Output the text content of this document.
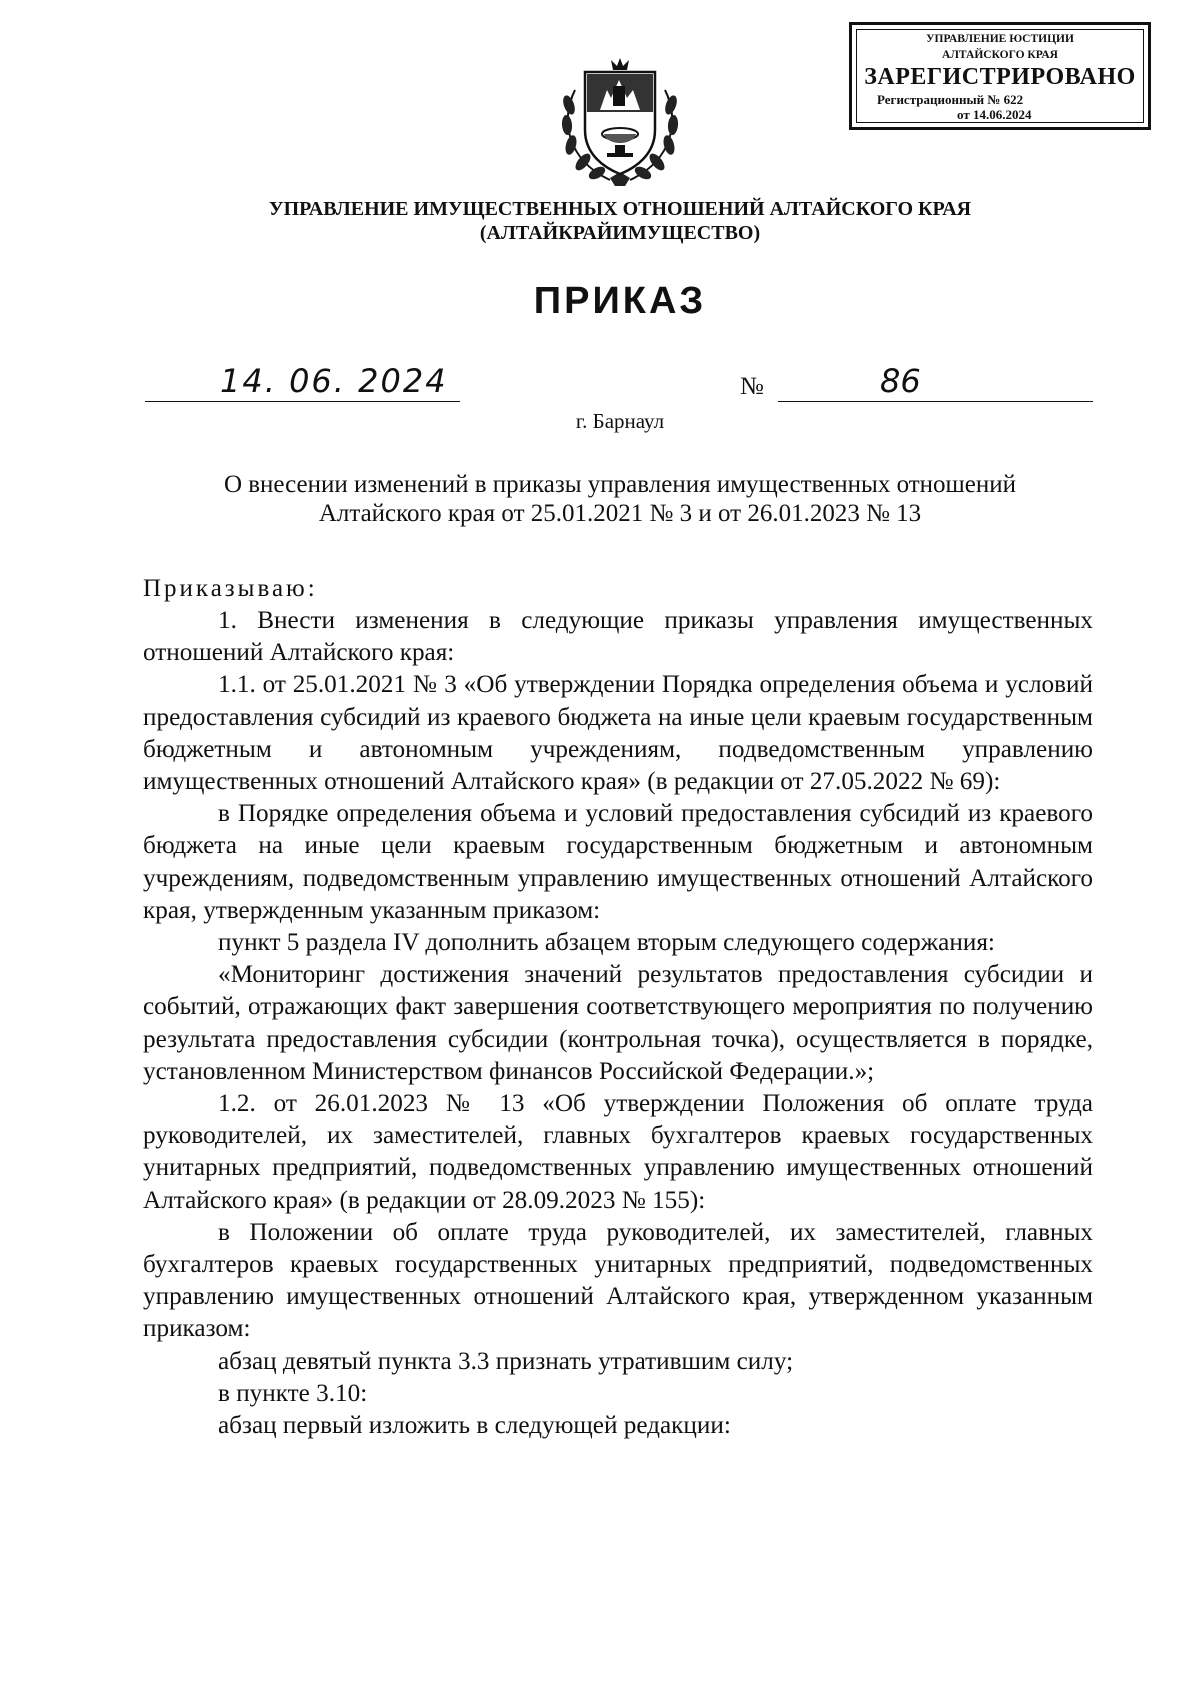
УПРАВЛЕНИЕ ЮСТИЦИИ
АЛТАЙСКОГО КРАЯ
ЗАРЕГИСТРИРОВАНО
Регистрационный № 622
от 14.06.2024
УПРАВЛЕНИЕ ИМУЩЕСТВЕННЫХ ОТНОШЕНИЙ АЛТАЙСКОГО КРАЯ
(АЛТАЙКРАЙИМУЩЕСТВО)
ПРИКАЗ
14. 06. 2024	№	86
г. Барнаул
О внесении изменений в приказы управления имущественных отношений
Алтайского края от 25.01.2021 № 3 и от 26.01.2023 № 13
Приказываю:

1. Внести изменения в следующие приказы управления имущественных отношений Алтайского края:

1.1. от 25.01.2021 № 3 «Об утверждении Порядка определения объема и условий предоставления субсидий из краевого бюджета на иные цели краевым государственным бюджетным и автономным учреждениям, подведомственным управлению имущественных отношений Алтайского края» (в редакции от 27.05.2022 № 69):

в Порядке определения объема и условий предоставления субсидий из краевого бюджета на иные цели краевым государственным бюджетным и автономным учреждениям, подведомственным управлению имущественных отношений Алтайского края, утвержденным указанным приказом:

пункт 5 раздела IV дополнить абзацем вторым следующего содержания:

«Мониторинг достижения значений результатов предоставления субсидии и событий, отражающих факт завершения соответствующего мероприятия по получению результата предоставления субсидии (контрольная точка), осуществляется в порядке, установленном Министерством финансов Российской Федерации.»;

1.2. от 26.01.2023 № 13 «Об утверждении Положения об оплате труда руководителей, их заместителей, главных бухгалтеров краевых государственных унитарных предприятий, подведомственных управлению имущественных отношений Алтайского края» (в редакции от 28.09.2023 № 155):

в Положении об оплате труда руководителей, их заместителей, главных бухгалтеров краевых государственных унитарных предприятий, подведомственных управлению имущественных отношений Алтайского края, утвержденном указанным приказом:

абзац девятый пункта 3.3 признать утратившим силу;

в пункте 3.10:

абзац первый изложить в следующей редакции:
